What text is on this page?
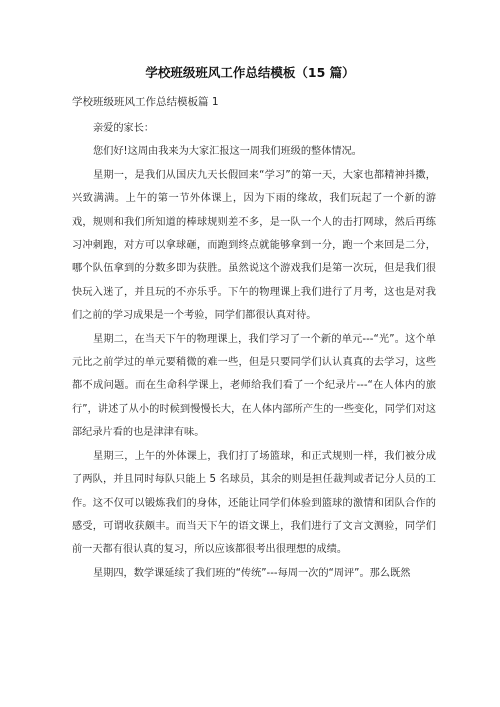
学校班级班风工作总结模板（15 篇）
学校班级班风工作总结模板篇 1

亲爱的家长：

您们好!这周由我来为大家汇报这一周我们班级的整体情况。

星期一，是我们从国庆九天长假回来“学习”的第一天，大家也都精神抖擞，兴致满满。上午的第一节外体课上，因为下雨的缘故，我们玩起了一个新的游戏，规则和我们所知道的棒球规则差不多，是一队一个人的击打网球，然后再练习冲刺跑，对方可以拿球砸，而跑到终点就能够拿到一分，跑一个来回是二分，哪个队伍拿到的分数多即为获胜。虽然说这个游戏我们是第一次玩，但是我们很快玩入迷了，并且玩的不亦乐乎。下午的物理课上我们进行了月考，这也是对我们之前的学习成果是一个考验，同学们都很认真对待。

星期二，在当天下午的物理课上，我们学习了一个新的单元---“光”。这个单元比之前学过的单元要稍微的难一些，但是只要同学们认认真真的去学习，这些都不成问题。而在生命科学课上，老师给我们看了一个纪录片---“在人体内的旅行”，讲述了从小的时候到慢慢长大，在人体内部所产生的一些变化，同学们对这部纪录片看的也是津津有味。

星期三，上午的外体课上，我们打了场篮球，和正式规则一样，我们被分成了两队，并且同时每队只能上 5 名球员，其余的则是担任裁判或者记分人员的工作。这不仅可以锻炼我们的身体，还能让同学们体验到篮球的激情和团队合作的感受，可谓收获颇丰。而当天下午的语文课上，我们进行了文言文测验，同学们前一天都有很认真的复习，所以应该都很考出很理想的成绩。

星期四，数学课延续了我们班的“传统”---每周一次的“周评”。那么既然
